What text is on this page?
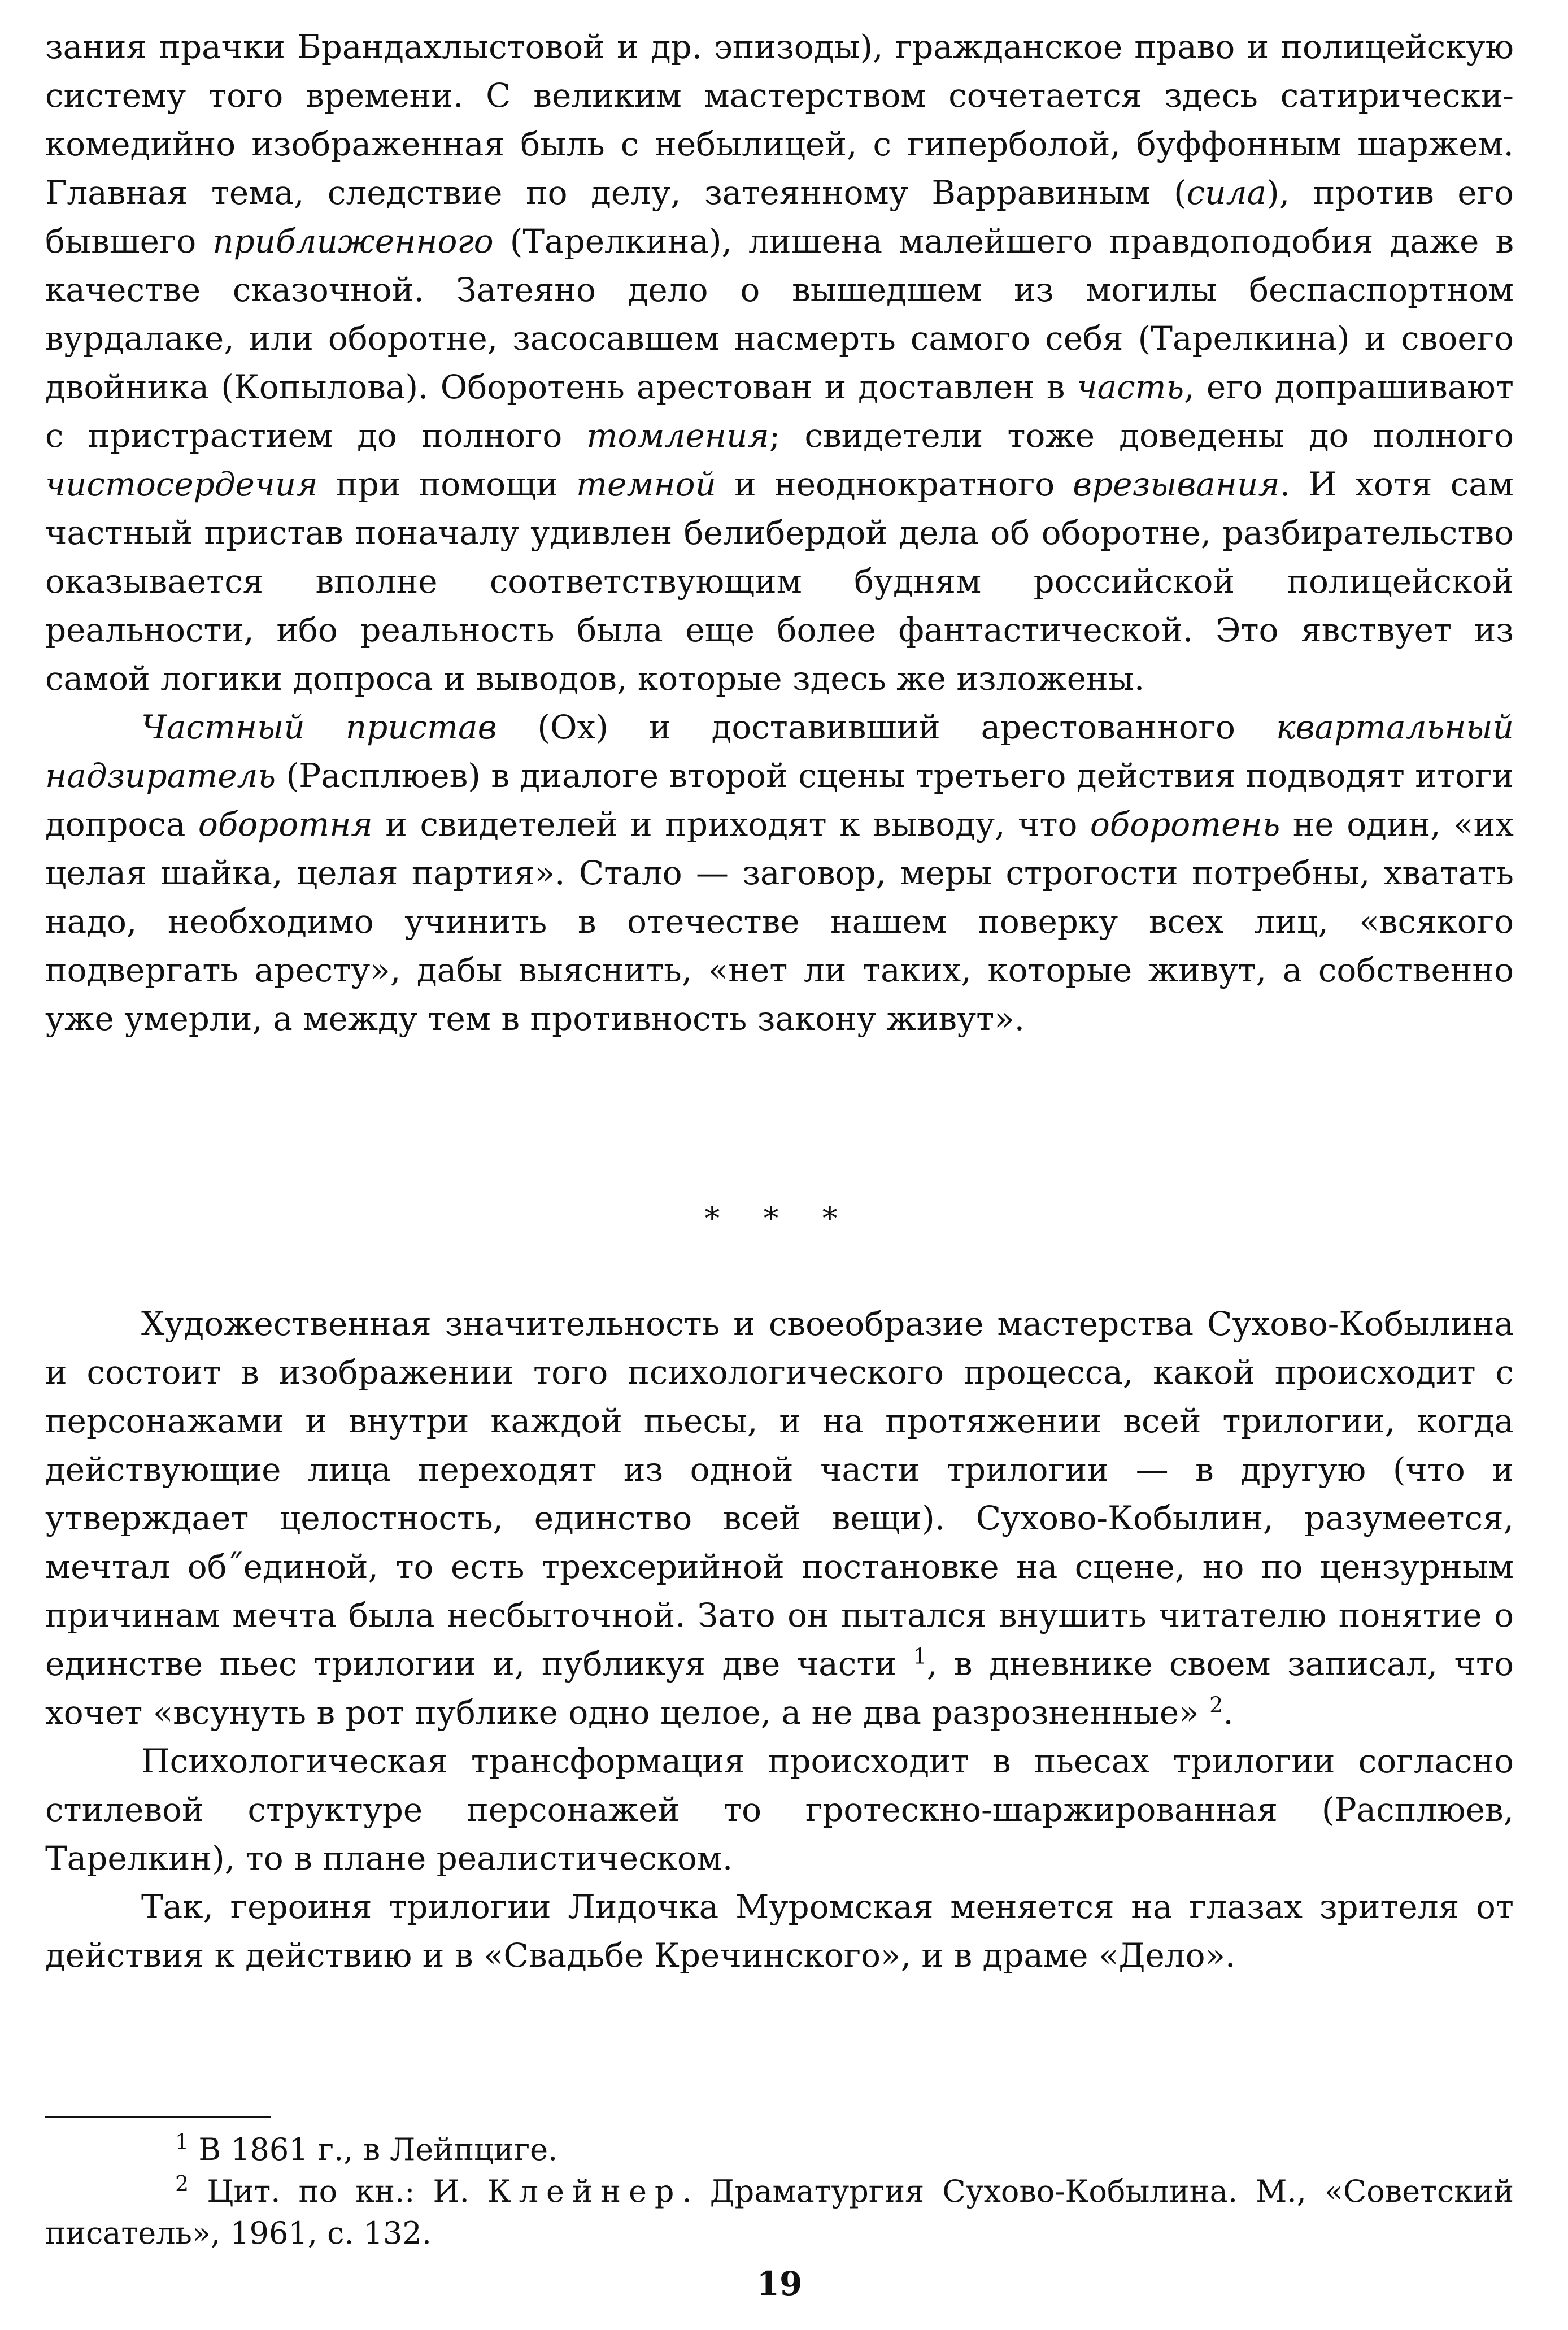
зания прачки Брандахлыстовой и др. эпизоды), гражданское право и полицейскую систему того времени. С великим мастерством сочетается здесь сатирически-комедийно изображенная быль с небылицей, с гиперболой, буффонным шаржем. Главная тема, следствие по делу, затеянному Варравиным (сила), против его бывшего приближенного (Тарелкина), лишена малейшего правдоподобия даже в качестве сказочной. Затеяно дело о вышедшем из могилы беспаспортном вурдалаке, или оборотне, засосавшем насмерть самого себя (Тарелкина) и своего двойника (Копылова). Оборотень арестован и доставлен в часть, его допрашивают с пристрастием до полного томления; свидетели тоже доведены до полного чистосердечия при помощи темной и неоднократного врезывания. И хотя сам частный пристав поначалу удивлен белибердой дела об оборотне, разбирательство оказывается вполне соответствующим будням российской полицейской реальности, ибо реальность была еще более фантастической. Это явствует из самой логики допроса и выводов, которые здесь же изложены.

Частный пристав (Ох) и доставивший арестованного квартальный надзиратель (Расплюев) в диалоге второй сцены третьего действия подводят итоги допроса оборотня и свидетелей и приходят к выводу, что оборотень не один, «их целая шайка, целая партия». Стало — заговор, меры строгости потребны, хватать надо, необходимо учинить в отечестве нашем поверку всех лиц, «всякого подвергать аресту», дабы выяснить, «нет ли таких, которые живут, а собственно уже умерли, а между тем в противность закону живут».

* * *

Художественная значительность и своеобразие мастерства Сухово-Кобылина и состоит в изображении того психологического процесса, какой происходит с персонажами и внутри каждой пьесы, и на протяжении всей трилогии, когда действующие лица переходят из одной части трилогии — в другую (что и утверждает целостность, единство всей вещи). Сухово-Кобылин, разумеется, мечтал об˝единой, то есть трехсерийной постановке на сцене, но по цензурным причинам мечта была несбыточной. Зато он пытался внушить читателю понятие о единстве пьес трилогии и, публикуя две части $^1$, в дневнике своем записал, что хочет «всунуть в рот публике одно целое, а не два разрозненные» $^2$.

Психологическая трансформация происходит в пьесах трилогии согласно стилевой структуре персонажей то гротескно-шаржированная (Расплюев, Тарелкин), то в плане реалистическом.

Так, героиня трилогии Лидочка Муромская меняется на глазах зрителя от действия к действию и в «Свадьбе Кречинского», и в драме «Дело».

$^1$ В 1861 г., в Лейпциге.

$^2$ Цит. по кн.: И. Клейнер. Драматургия Сухово-Кобылина. М., «Советский писатель», 1961, с. 132.

19
